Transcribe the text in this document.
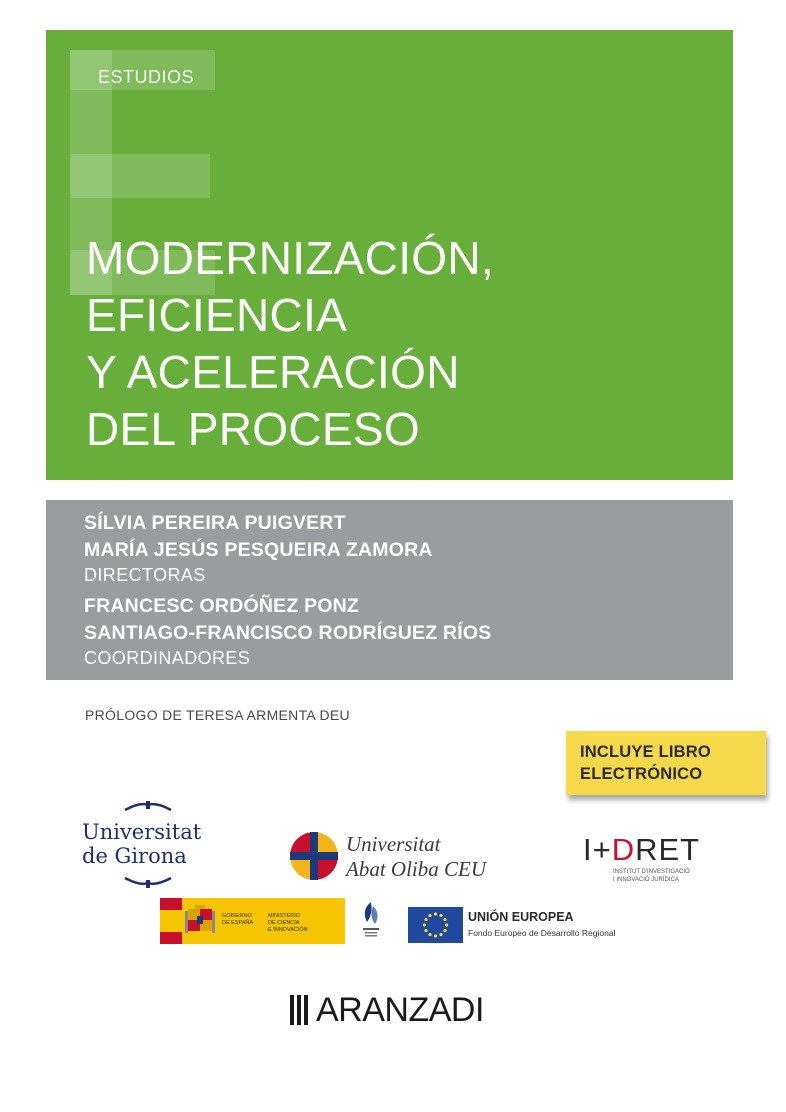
ESTUDIOS
MODERNIZACIÓN,
EFICIENCIA
Y ACELERACIÓN
DEL PROCESO
SÍLVIA PEREIRA PUIGVERT
MARÍA JESÚS PESQUEIRA ZAMORA
DIRECTORAS
FRANCESC ORDÓÑEZ PONZ
SANTIAGO-FRANCISCO RODRÍGUEZ RÍOS
COORDINADORES
PRÓLOGO DE TERESA ARMENTA DEU
INCLUYE LIBRO
ELECTRÓNICO
Universitat
de Girona	Universitat
Abat Oliba CEU
I+DRET
INSTITUT D'INVESTIGACIÓ
I INNOVACIÓ JURÍDICA
GOBIERNO
DE ESPAÑA
MINISTERIO
DE CIENCIA
E INNOVACIÓN
UNIÓN EUROPEA
Fondo Europeo de Desarrollo Regional
ARANZADI
